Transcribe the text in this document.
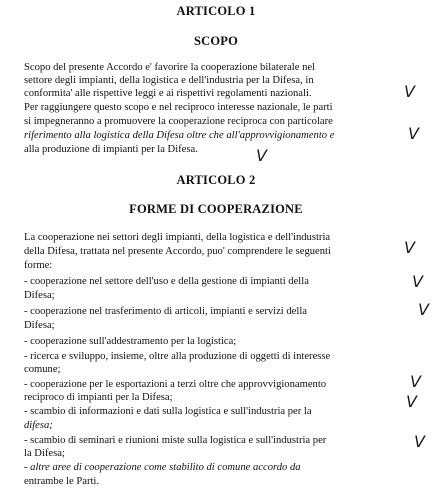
ARTICOLO 1
SCOPO
Scopo del presente Accordo e' favorire la cooperazione bilaterale nel
settore degli impianti, della logistica e dell'industria per la Difesa, in
conformita' alle rispettive leggi e ai rispettivi regolamenti nazionali.
Per raggiungere questo scopo e nel reciproco interesse nazionale, le parti
si impegneranno a promuovere la cooperazione reciproca con particolare
riferimento alla logistica della Difesa oltre che all'approvvigionamento e
alla produzione di impianti per la Difesa.
ARTICOLO 2
FORME DI COOPERAZIONE
La cooperazione nei settori degli impianti, della logistica e dell'industria
della Difesa, trattata nel presente Accordo, puo' comprendere le seguenti
forme:
- cooperazione nel settore dell'uso e della gestione di impianti della
Difesa;
- cooperazione nel trasferimento di articoli, impianti e servizi della
Difesa;
- cooperazione sull'addestramento per la logistica;
- ricerca e sviluppo, insieme, oltre alla produzione di oggetti di interesse
comune;
- cooperazione per le esportazioni a terzi oltre che approvvigionamento
reciproco di impianti per la Difesa;
- scambio di informazioni e dati sulla logistica e sull'industria per la
difesa;
- scambio di seminari e riunioni miste sulla logistica e sull'industria per
la Difesa;
- altre aree di cooperazione come stabilito di comune accordo da
entrambe le Parti.
V
V
V
V
V
V
V
V
V
